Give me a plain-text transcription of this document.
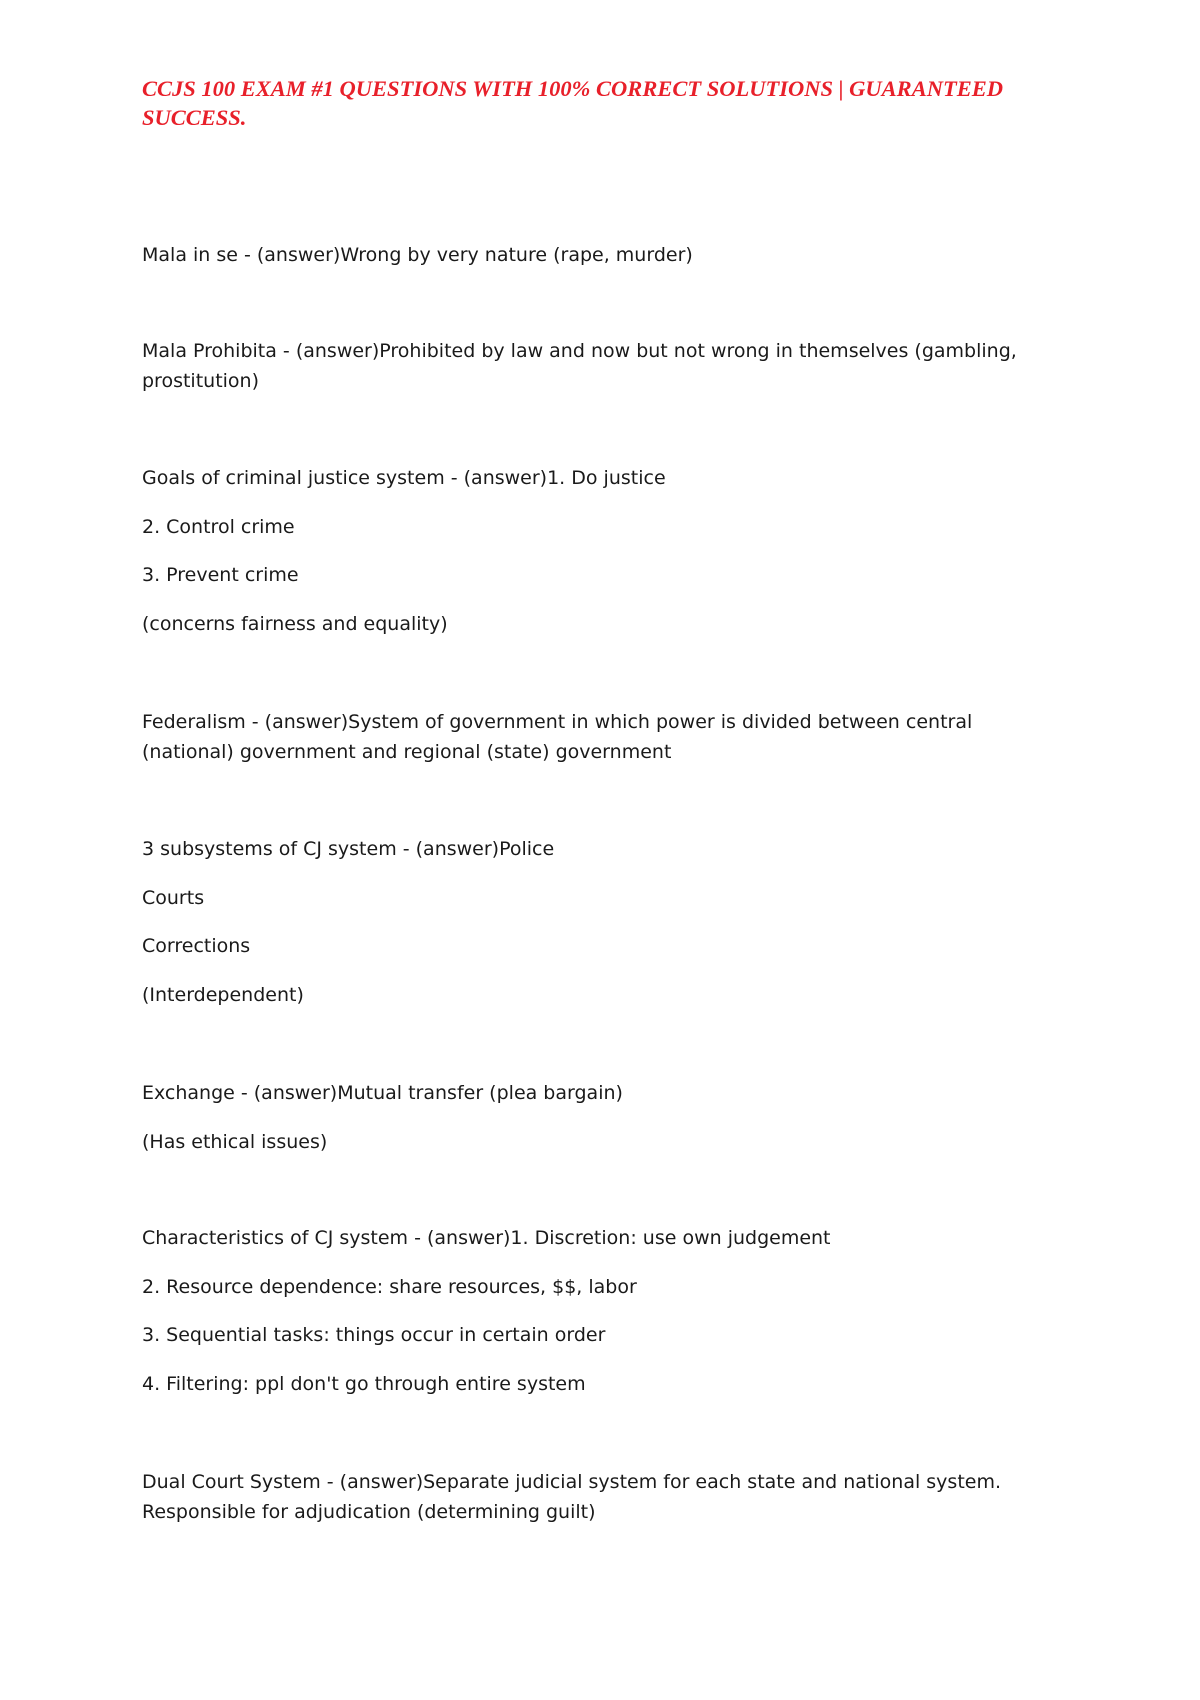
CCJS 100 EXAM #1 QUESTIONS WITH 100% CORRECT SOLUTIONS | GUARANTEED SUCCESS.

Mala in se - (answer)Wrong by very nature (rape, murder)

Mala Prohibita - (answer)Prohibited by law and now but not wrong in themselves (gambling, prostitution)

Goals of criminal justice system - (answer)1. Do justice

2. Control crime

3. Prevent crime

(concerns fairness and equality)

Federalism - (answer)System of government in which power is divided between central (national) government and regional (state) government

3 subsystems of CJ system - (answer)Police

Courts

Corrections

(Interdependent)

Exchange - (answer)Mutual transfer (plea bargain)

(Has ethical issues)

Characteristics of CJ system - (answer)1. Discretion: use own judgement

2. Resource dependence: share resources, $$, labor

3. Sequential tasks: things occur in certain order

4. Filtering: ppl don't go through entire system

Dual Court System - (answer)Separate judicial system for each state and national system. Responsible for adjudication (determining guilt)
